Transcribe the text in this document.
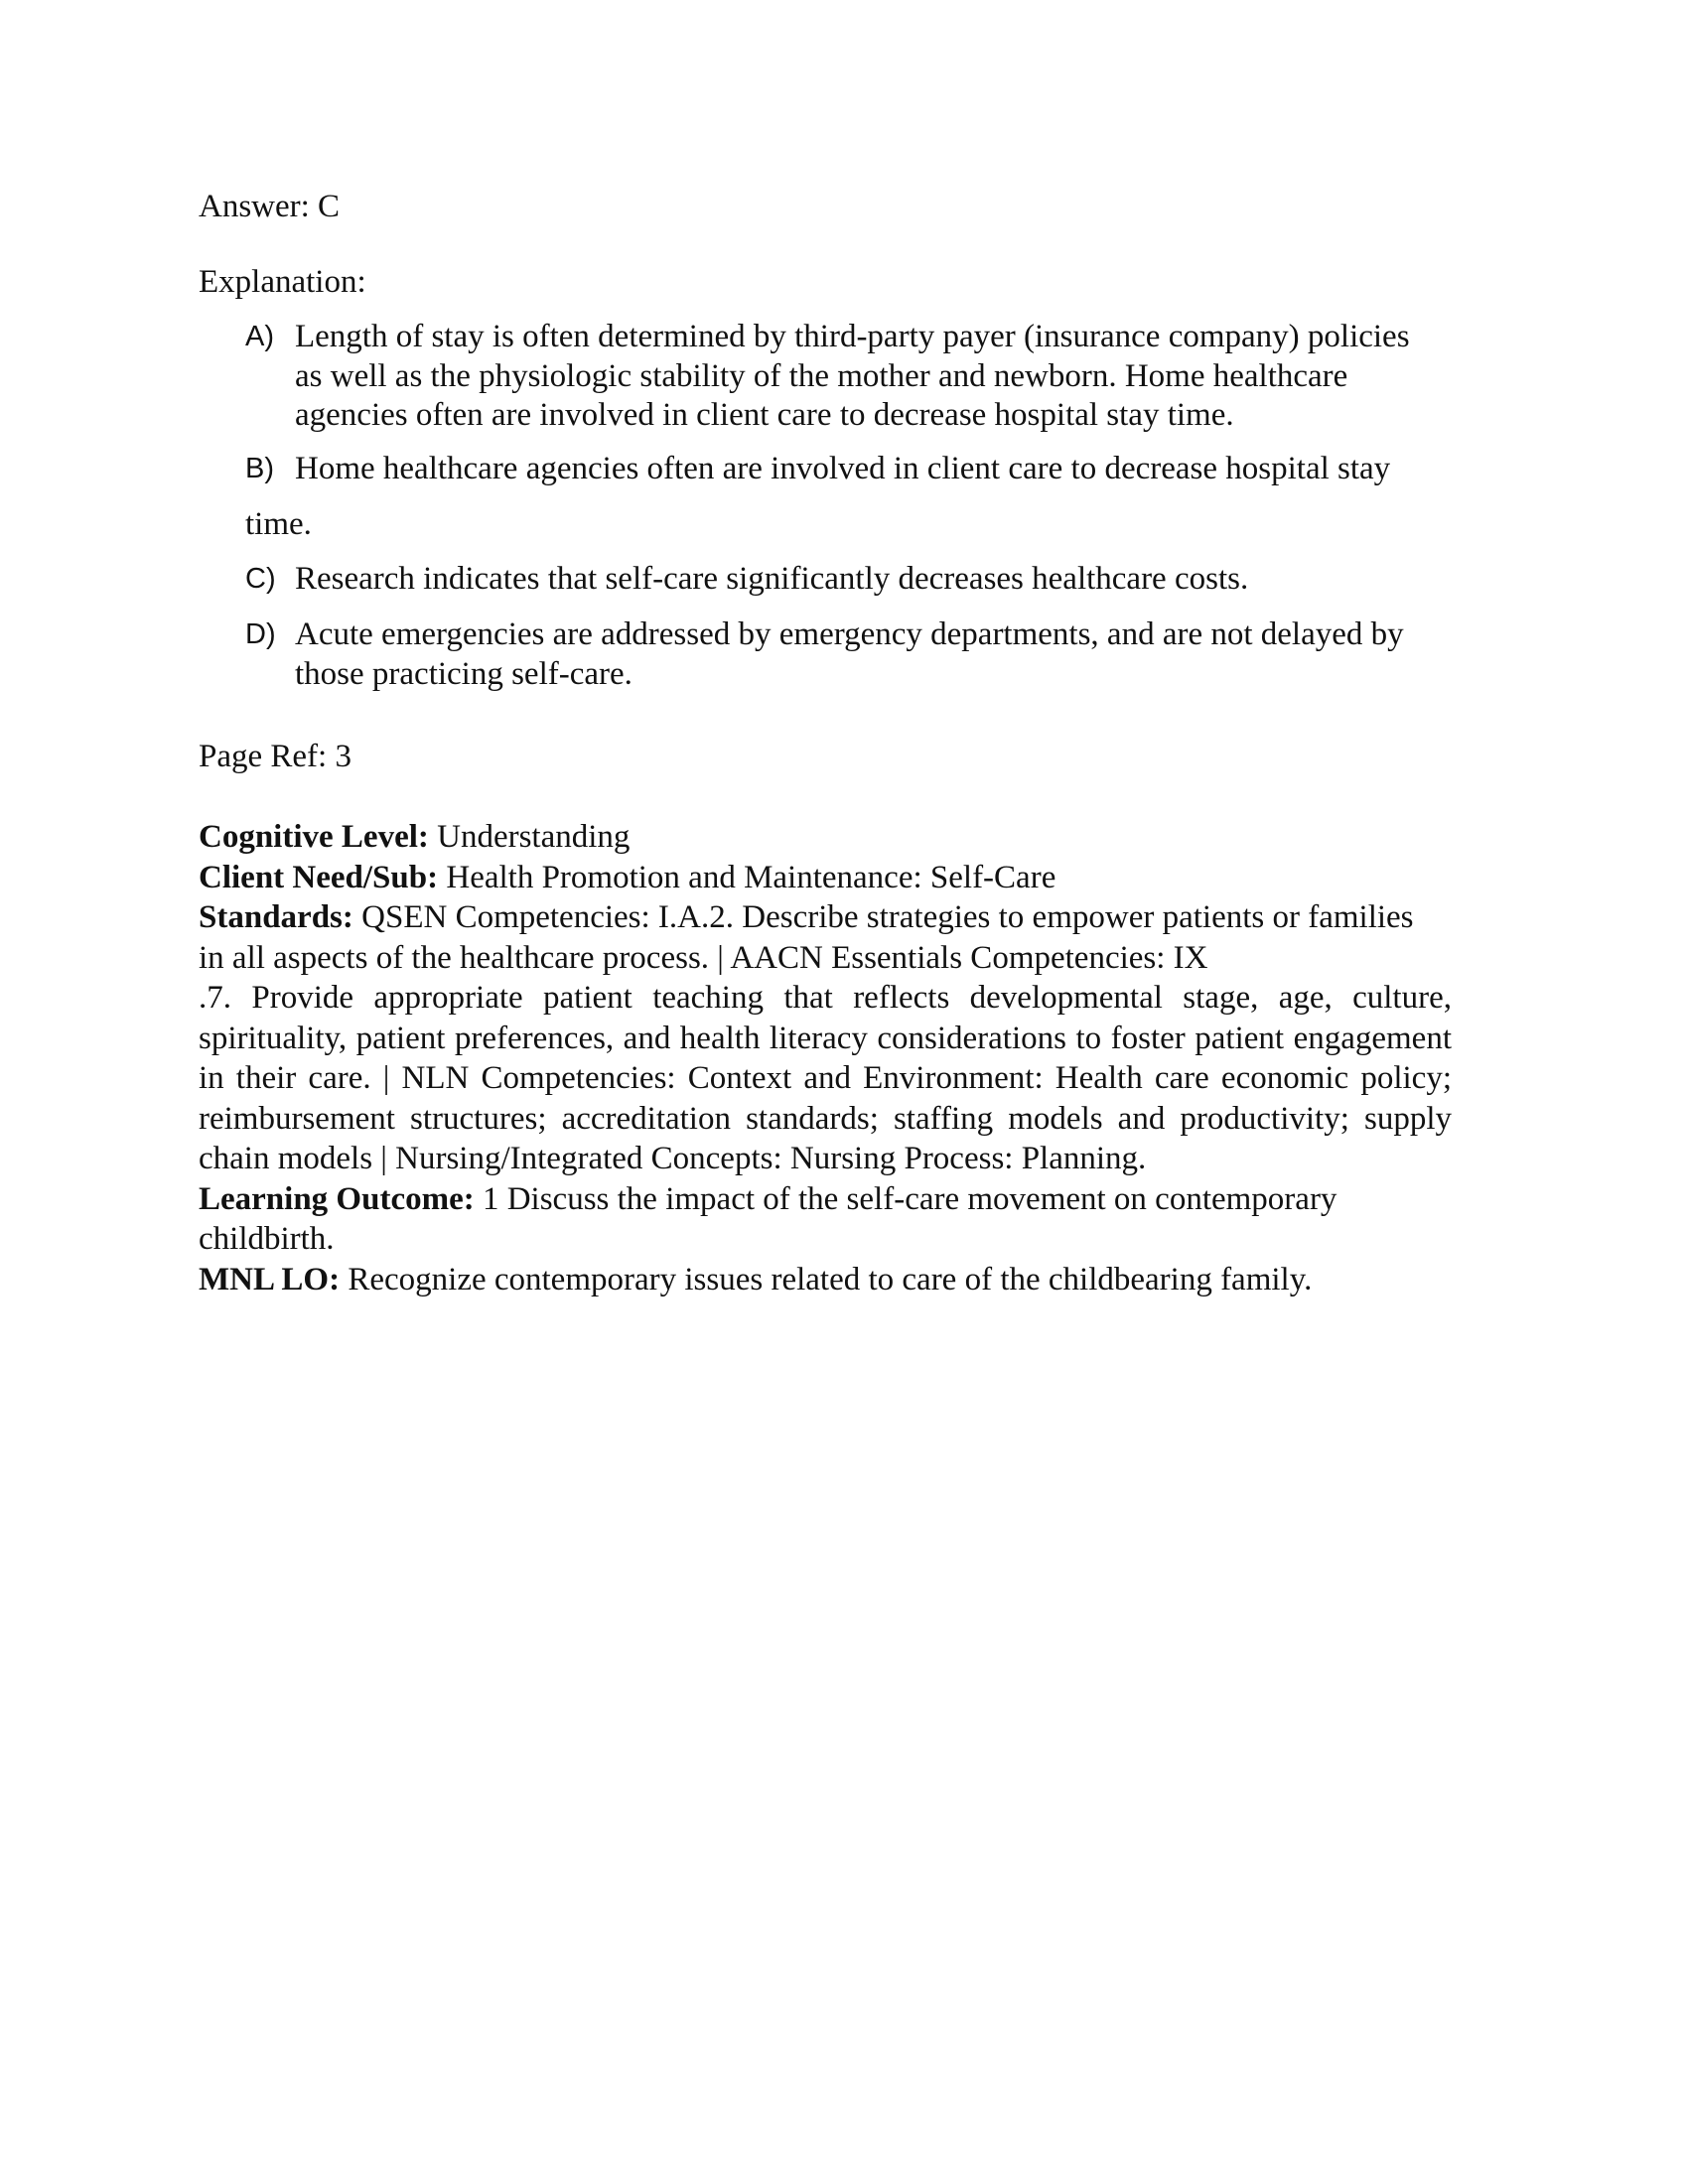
Answer: C
Explanation:
A) Length of stay is often determined by third-party payer (insurance company) policies as well as the physiologic stability of the mother and newborn. Home healthcare agencies often are involved in client care to decrease hospital stay time.
B) Home healthcare agencies often are involved in client care to decrease hospital stay
time.
C) Research indicates that self-care significantly decreases healthcare costs.
D) Acute emergencies are addressed by emergency departments, and are not delayed by those practicing self-care.
Page Ref: 3

Cognitive Level: Understanding

Client Need/Sub: Health Promotion and Maintenance: Self-Care

Standards: QSEN Competencies: I.A.2. Describe strategies to empower patients or families
in all aspects of the healthcare process. | AACN Essentials Competencies: IX
.7. Provide appropriate patient teaching that reflects developmental stage, age, culture, spirituality, patient preferences, and health literacy considerations to foster patient engagement in their care. | NLN Competencies: Context and Environment: Health care economic policy; reimbursement structures; accreditation standards; staffing models and productivity; supply chain models | Nursing/Integrated Concepts: Nursing Process: Planning.

Learning Outcome: 1 Discuss the impact of the self-care movement on contemporary childbirth.

MNL LO: Recognize contemporary issues related to care of the childbearing family.
